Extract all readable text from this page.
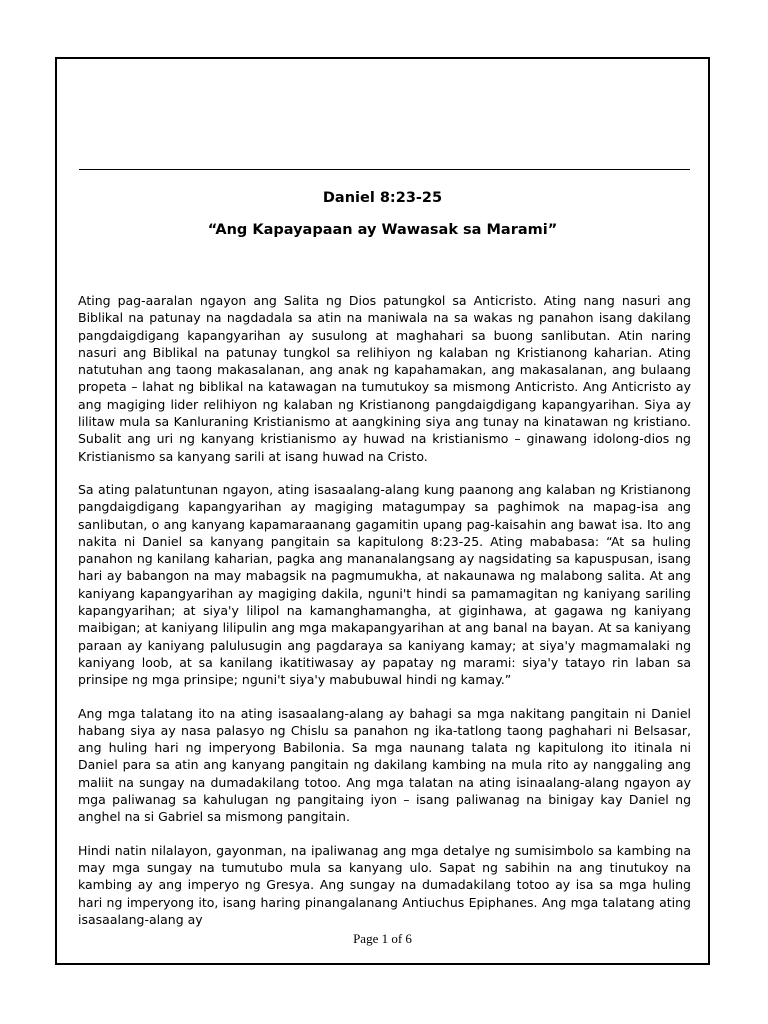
Daniel 8:23-25
“Ang Kapayapaan ay Wawasak sa Marami”

Ating pag-aaralan ngayon ang Salita ng Dios patungkol sa Anticristo. Ating nang nasuri ang Biblikal na patunay na nagdadala sa atin na maniwala na sa wakas ng panahon isang dakilang pangdaigdigang kapangyarihan ay susulong at maghahari sa buong sanlibutan. Atin naring nasuri ang Biblikal na patunay tungkol sa relihiyon ng kalaban ng Kristianong kaharian. Ating natutuhan ang taong makasalanan, ang anak ng kapahamakan, ang makasalanan, ang bulaang propeta – lahat ng biblikal na katawagan na tumutukoy sa mismong Anticristo. Ang Anticristo ay ang magiging lider relihiyon ng kalaban ng Kristianong pangdaigdigang kapangyarihan. Siya ay lilitaw mula sa Kanluraning Kristianismo at aangkining siya ang tunay na kinatawan ng kristiano. Subalit ang uri ng kanyang kristianismo ay huwad na kristianismo – ginawang idolong-dios ng Kristianismo sa kanyang sarili at isang huwad na Cristo.

Sa ating palatuntunan ngayon, ating isasaalang-alang kung paanong ang kalaban ng Kristianong pangdaigdigang kapangyarihan ay magiging matagumpay sa paghimok na mapag-isa ang sanlibutan, o ang kanyang kapamaraanang gagamitin upang pag-kaisahin ang bawat isa. Ito ang nakita ni Daniel sa kanyang pangitain sa kapitulong 8:23-25. Ating mababasa: “At sa huling panahon ng kanilang kaharian, pagka ang mananalangsang ay nagsidating sa kapuspusan, isang hari ay babangon na may mabagsik na pagmumukha, at nakaunawa ng malabong salita. At ang kaniyang kapangyarihan ay magiging dakila, nguni't hindi sa pamamagitan ng kaniyang sariling kapangyarihan; at siya'y lilipol na kamanghamangha, at giginhawa, at gagawa ng kaniyang maibigan; at kaniyang lilipulin ang mga makapangyarihan at ang banal na bayan. At sa kaniyang paraan ay kaniyang palulusugin ang pagdaraya sa kaniyang kamay; at siya'y magmamalaki ng kaniyang loob, at sa kanilang ikatitiwasay ay papatay ng marami: siya'y tatayo rin laban sa prinsipe ng mga prinsipe; nguni't siya'y mabubuwal hindi ng kamay.”

Ang mga talatang ito na ating isasaalang-alang ay bahagi sa mga nakitang pangitain ni Daniel habang siya ay nasa palasyo ng Chislu sa panahon ng ika-tatlong taong paghahari ni Belsasar, ang huling hari ng imperyong Babilonia. Sa mga naunang talata ng kapitulong ito itinala ni Daniel para sa atin ang kanyang pangitain ng dakilang kambing na mula rito ay nanggaling ang maliit na sungay na dumadakilang totoo. Ang mga talatan na ating isinaalang-alang ngayon ay mga paliwanag sa kahulugan ng pangitaing iyon – isang paliwanag na binigay kay Daniel ng anghel na si Gabriel sa mismong pangitain.

Hindi natin nilalayon, gayonman, na ipaliwanag ang mga detalye ng sumisimbolo sa kambing na may mga sungay na tumutubo mula sa kanyang ulo. Sapat ng sabihin na ang tinutukoy na kambing ay ang imperyo ng Gresya. Ang sungay na dumadakilang totoo ay isa sa mga huling hari ng imperyong ito, isang haring pinangalanang Antiuchus Epiphanes. Ang mga talatang ating isasaalang-alang ay

Page 1 of 6
